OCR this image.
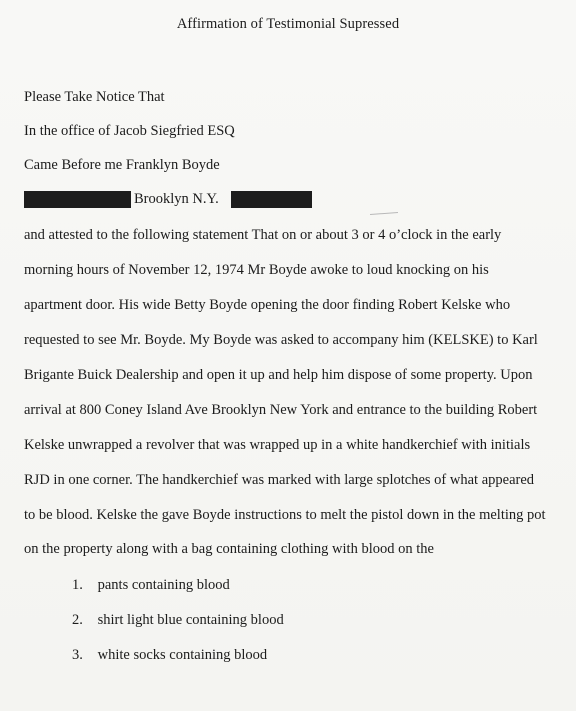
Affirmation of Testimonial Supressed
Please Take Notice That
In the office of Jacob Siegfried ESQ
Came Before me Franklyn Boyde
Brooklyn N.Y.
and attested to the following statement That on or about 3 or 4 o’clock in the early
morning hours of November 12, 1974 Mr Boyde awoke to loud knocking on his
apartment door. His wide Betty Boyde opening the door finding Robert Kelske who
requested to see Mr. Boyde. My Boyde was asked to accompany him (KELSKE) to Karl
Brigante Buick Dealership and open it up and help him dispose of some property. Upon
arrival at 800 Coney Island Ave Brooklyn New York and entrance to the building Robert
Kelske unwrapped a revolver that was wrapped up in a white handkerchief with initials
RJD in one corner. The handkerchief was marked with large splotches of what appeared
to be blood. Kelske the gave Boyde instructions to melt the pistol down in the melting pot
on the property along with a bag containing clothing with blood on the
1. pants containing blood
2. shirt light blue containing blood
3. white socks containing blood
